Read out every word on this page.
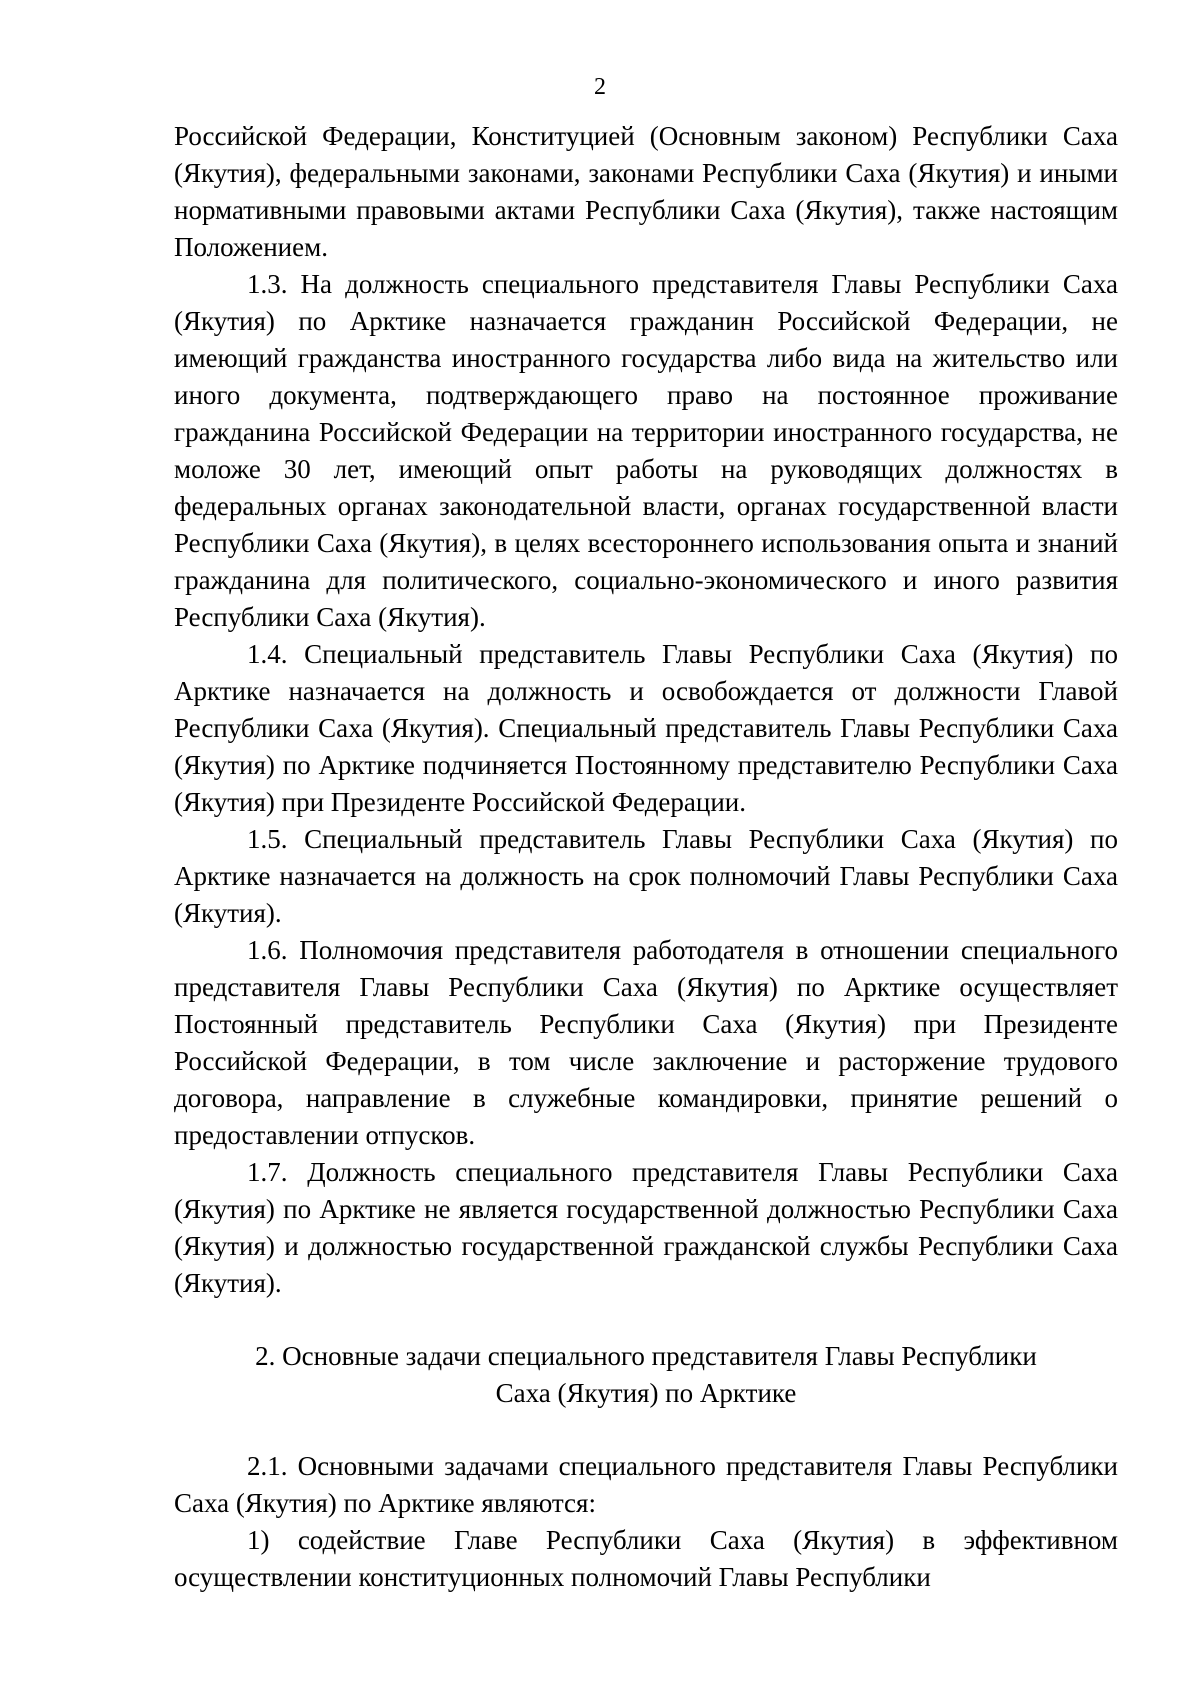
2

Российской Федерации, Конституцией (Основным законом) Республики Саха (Якутия), федеральными законами, законами Республики Саха (Якутия) и иными нормативными правовыми актами Республики Саха (Якутия), также настоящим Положением.

1.3. На должность специального представителя Главы Республики Саха (Якутия) по Арктике назначается гражданин Российской Федерации, не имеющий гражданства иностранного государства либо вида на жительство или иного документа, подтверждающего право на постоянное проживание гражданина Российской Федерации на территории иностранного государства, не моложе 30 лет, имеющий опыт работы на руководящих должностях в федеральных органах законодательной власти, органах государственной власти Республики Саха (Якутия), в целях всестороннего использования опыта и знаний гражданина для политического, социально-экономического и иного развития Республики Саха (Якутия).

1.4. Специальный представитель Главы Республики Саха (Якутия) по Арктике назначается на должность и освобождается от должности Главой Республики Саха (Якутия). Специальный представитель Главы Республики Саха (Якутия) по Арктике подчиняется Постоянному представителю Республики Саха (Якутия) при Президенте Российской Федерации.

1.5. Специальный представитель Главы Республики Саха (Якутия) по Арктике назначается на должность на срок полномочий Главы Республики Саха (Якутия).

1.6. Полномочия представителя работодателя в отношении специального представителя Главы Республики Саха (Якутия) по Арктике осуществляет Постоянный представитель Республики Саха (Якутия) при Президенте Российской Федерации, в том числе заключение и расторжение трудового договора, направление в служебные командировки, принятие решений о предоставлении отпусков.

1.7. Должность специального представителя Главы Республики Саха (Якутия) по Арктике не является государственной должностью Республики Саха (Якутия) и должностью государственной гражданской службы Республики Саха (Якутия).

2. Основные задачи специального представителя Главы Республики
Саха (Якутия) по Арктике

2.1. Основными задачами специального представителя Главы Республики Саха (Якутия) по Арктике являются:

1) содействие Главе Республики Саха (Якутия) в эффективном осуществлении конституционных полномочий Главы Республики
